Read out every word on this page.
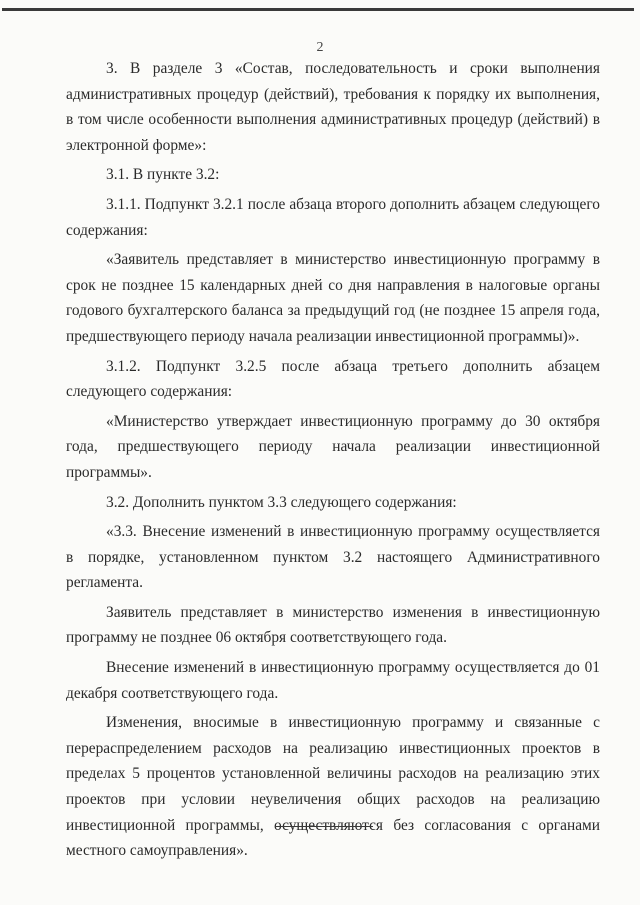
2

3. В разделе 3 «Состав, последовательность и сроки выполнения административных процедур (действий), требования к порядку их выполнения, в том числе особенности выполнения административных процедур (действий) в электронной форме»:

3.1. В пункте 3.2:

3.1.1. Подпункт 3.2.1 после абзаца второго дополнить абзацем следующего содержания:

«Заявитель представляет в министерство инвестиционную программу в срок не позднее 15 календарных дней со дня направления в налоговые органы годового бухгалтерского баланса за предыдущий год (не позднее 15 апреля года, предшествующего периоду начала реализации инвестиционной программы)».

3.1.2. Подпункт 3.2.5 после абзаца третьего дополнить абзацем следующего содержания:

«Министерство утверждает инвестиционную программу до 30 октября года, предшествующего периоду начала реализации инвестиционной программы».

3.2. Дополнить пунктом 3.3 следующего содержания:

«3.3. Внесение изменений в инвестиционную программу осуществляется в порядке, установленном пунктом 3.2 настоящего Административного регламента.

Заявитель представляет в министерство изменения в инвестиционную программу не позднее 06 октября соответствующего года.

Внесение изменений в инвестиционную программу осуществляется до 01 декабря соответствующего года.

Изменения, вносимые в инвестиционную программу и связанные с перераспределением расходов на реализацию инвестиционных проектов в пределах 5 процентов установленной величины расходов на реализацию этих проектов при условии неувеличения общих расходов на реализацию инвестиционной программы, осуществляются без согласования с органами местного самоуправления».
